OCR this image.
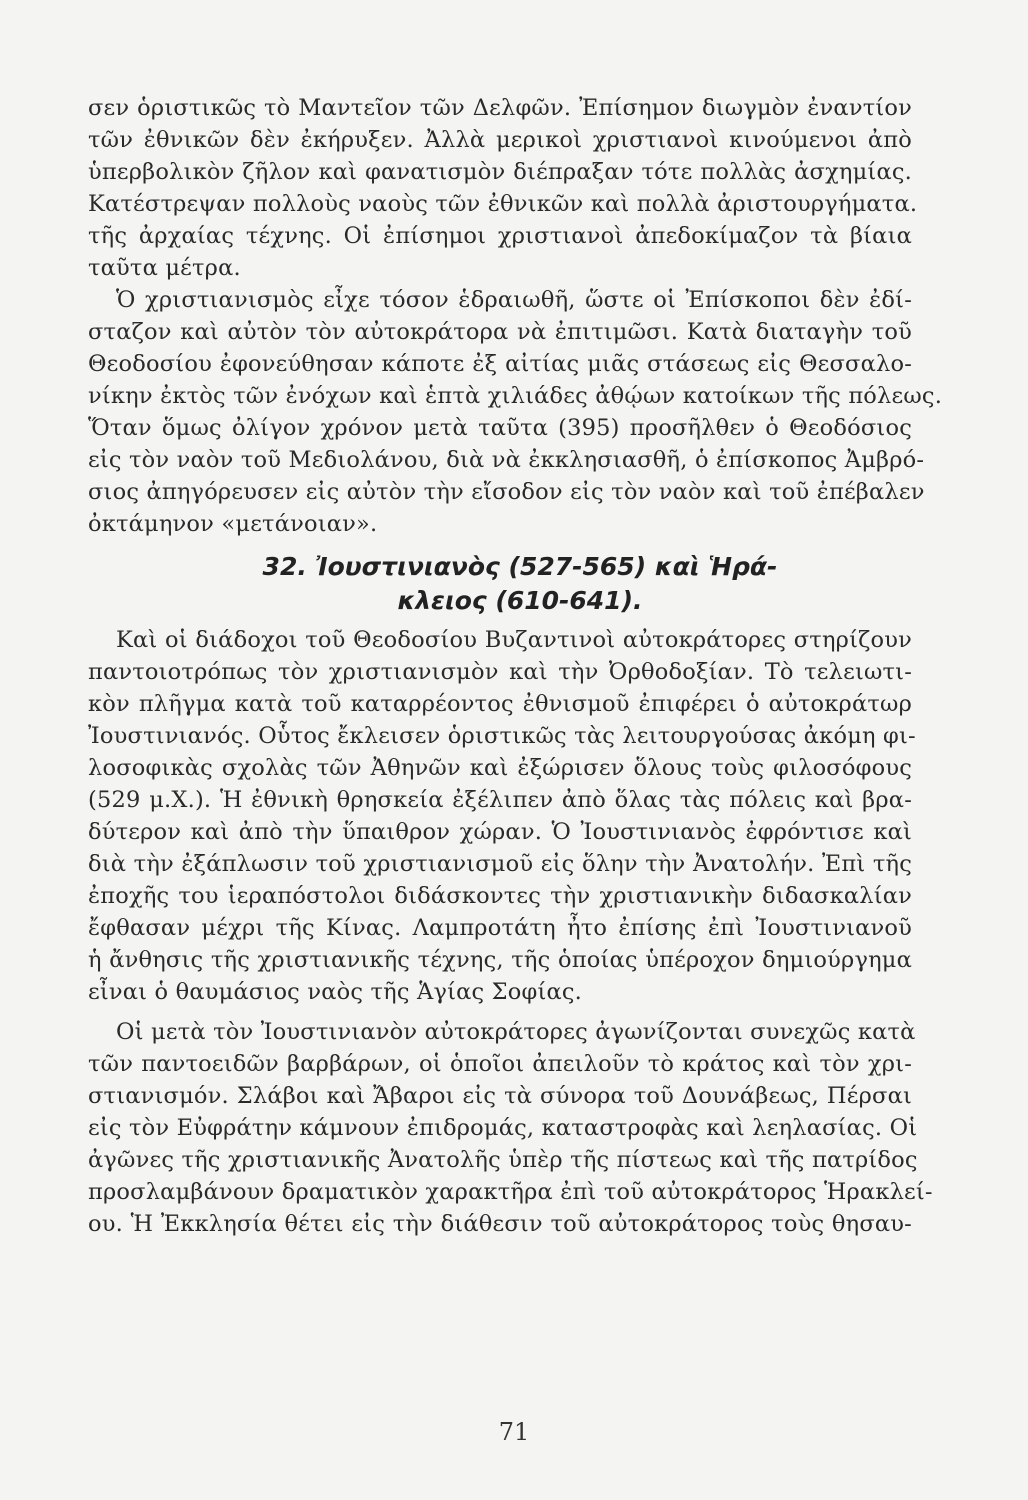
σεν ὁριστικῶς τὸ Μαντεῖον τῶν Δελφῶν. Ἐπίσημον διωγμὸν ἐναντίον
τῶν ἐθνικῶν δὲν ἐκήρυξεν. Ἀλλὰ μερικοὶ χριστιανοὶ κινούμενοι ἀπὸ
ὑπερβολικὸν ζῆλον καὶ φανατισμὸν διέπραξαν τότε πολλὰς ἀσχημίας.
Κατέστρεψαν πολλοὺς ναοὺς τῶν ἐθνικῶν καὶ πολλὰ ἀριστουργήματα.
τῆς ἀρχαίας τέχνης. Οἱ ἐπίσημοι χριστιανοὶ ἀπεδοκίμαζον τὰ βίαια
ταῦτα μέτρα.
Ὁ χριστιανισμὸς εἶχε τόσον ἑδραιωθῆ, ὥστε οἱ Ἐπίσκοποι δὲν ἐδί-
σταζον καὶ αὐτὸν τὸν αὐτοκράτορα νὰ ἐπιτιμῶσι. Κατὰ διαταγὴν τοῦ
Θεοδοσίου ἐφονεύθησαν κάποτε ἐξ αἰτίας μιᾶς στάσεως εἰς Θεσσαλο-
νίκην ἐκτὸς τῶν ἐνόχων καὶ ἑπτὰ χιλιάδες ἀθῴων κατοίκων τῆς πόλεως.
Ὅταν ὅμως ὀλίγον χρόνον μετὰ ταῦτα (395) προσῆλθεν ὁ Θεοδόσιος
εἰς τὸν ναὸν τοῦ Μεδιολάνου, διὰ νὰ ἐκκλησιασθῆ, ὁ ἐπίσκοπος Ἀμβρό-
σιος ἀπηγόρευσεν εἰς αὐτὸν τὴν εἴσοδον εἰς τὸν ναὸν καὶ τοῦ ἐπέβαλεν
ὀκτάμηνον «μετάνοιαν».
32. Ἰουστινιανὸς (527-565) καὶ Ἡρά-
κλειος (610-641).
Καὶ οἱ διάδοχοι τοῦ Θεοδοσίου Βυζαντινοὶ αὐτοκράτορες στηρίζουν
παντοιοτρόπως τὸν χριστιανισμὸν καὶ τὴν Ὀρθοδοξίαν. Τὸ τελειωτι-
κὸν πλῆγμα κατὰ τοῦ καταρρέοντος ἐθνισμοῦ ἐπιφέρει ὁ αὐτοκράτωρ
Ἰουστινιανός. Οὗτος ἔκλεισεν ὁριστικῶς τὰς λειτουργούσας ἀκόμη φι-
λοσοφικὰς σχολὰς τῶν Ἀθηνῶν καὶ ἐξώρισεν ὅλους τοὺς φιλοσόφους
(529 μ.Χ.). Ἡ ἐθνικὴ θρησκεία ἐξέλιπεν ἀπὸ ὅλας τὰς πόλεις καὶ βρα-
δύτερον καὶ ἀπὸ τὴν ὕπαιθρον χώραν. Ὁ Ἰουστινιανὸς ἐφρόντισε καὶ
διὰ τὴν ἐξάπλωσιν τοῦ χριστιανισμοῦ εἰς ὅλην τὴν Ἀνατολήν. Ἐπὶ τῆς
ἐποχῆς του ἱεραπόστολοι διδάσκοντες τὴν χριστιανικὴν διδασκαλίαν
ἔφθασαν μέχρι τῆς Κίνας. Λαμπροτάτη ἦτο ἐπίσης ἐπὶ Ἰουστινιανοῦ
ἡ ἄνθησις τῆς χριστιανικῆς τέχνης, τῆς ὁποίας ὑπέροχον δημιούργημα
εἶναι ὁ θαυμάσιος ναὸς τῆς Ἁγίας Σοφίας.
Οἱ μετὰ τὸν Ἰουστινιανὸν αὐτοκράτορες ἀγωνίζονται συνεχῶς κατὰ
τῶν παντοειδῶν βαρβάρων, οἱ ὁποῖοι ἀπειλοῦν τὸ κράτος καὶ τὸν χρι-
στιανισμόν. Σλάβοι καὶ Ἄβαροι εἰς τὰ σύνορα τοῦ Δουνάβεως, Πέρσαι
εἰς τὸν Εὐφράτην κάμνουν ἐπιδρομάς, καταστροφὰς καὶ λεηλασίας. Οἱ
ἀγῶνες τῆς χριστιανικῆς Ἀνατολῆς ὑπὲρ τῆς πίστεως καὶ τῆς πατρίδος
προσλαμβάνουν δραματικὸν χαρακτῆρα ἐπὶ τοῦ αὐτοκράτορος Ἡρακλεί-
ου. Ἡ Ἐκκλησία θέτει εἰς τὴν διάθεσιν τοῦ αὐτοκράτορος τοὺς θησαυ-
71
